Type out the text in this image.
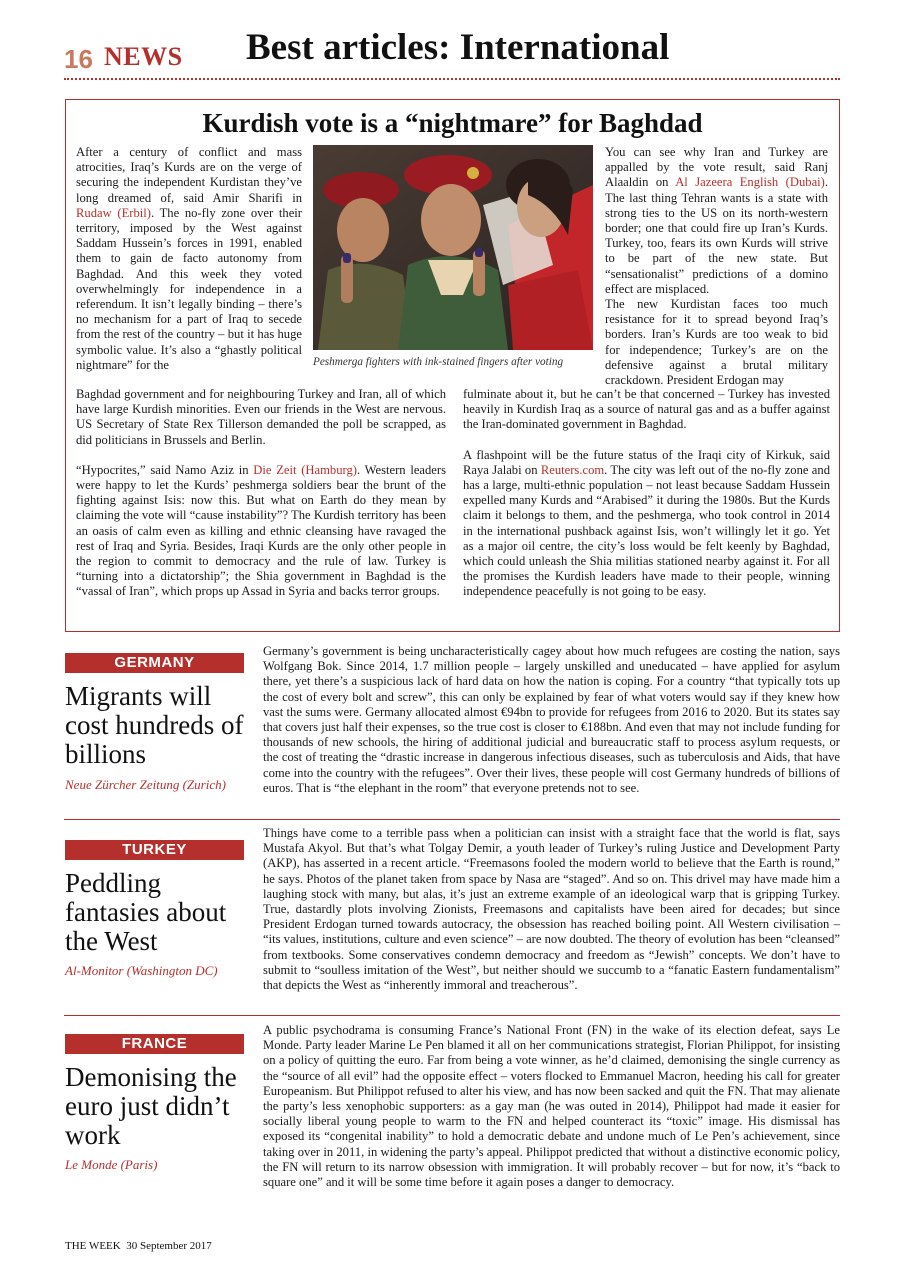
16 NEWS Best articles: International
Kurdish vote is a “nightmare” for Baghdad

After a century of conflict and mass atrocities, Iraq’s Kurds are on the verge of securing the independent Kurdistan they’ve long dreamed of, said Amir Sharifi in Rudaw (Erbil). The no-fly zone over their territory, imposed by the West against Saddam Hussein’s forces in 1991, enabled them to gain de facto autonomy from Baghdad. And this week they voted overwhelmingly for independence in a referendum. It isn’t legally binding – there’s no mechanism for a part of Iraq to secede from the rest of the country – but it has huge symbolic value. It’s also a “ghastly political nightmare” for the	Peshmerga fighters with ink-stained fingers after voting

You can see why Iran and Turkey are appalled by the vote result, said Ranj Alaaldin on Al Jazeera English (Dubai). The last thing Tehran wants is a state with strong ties to the US on its north-western border; one that could fire up Iran’s Kurds. Turkey, too, fears its own Kurds will strive to be part of the new state. But “sensationalist” predictions of a domino effect are misplaced.

The new Kurdistan faces too much resistance for it to spread beyond Iraq’s borders. Iran’s Kurds are too weak to bid for independence; Turkey’s are on the defensive against a brutal military crackdown. President Erdogan may

Baghdad government and for neighbouring Turkey and Iran, all of which have large Kurdish minorities. Even our friends in the West are nervous. US Secretary of State Rex Tillerson demanded the poll be scrapped, as did politicians in Brussels and Berlin.

“Hypocrites,” said Namo Aziz in Die Zeit (Hamburg). Western leaders were happy to let the Kurds’ peshmerga soldiers bear the brunt of the fighting against Isis: now this. But what on Earth do they mean by claiming the vote will “cause instability”? The Kurdish territory has been an oasis of calm even as killing and ethnic cleansing have ravaged the rest of Iraq and Syria. Besides, Iraqi Kurds are the only other people in the region to commit to democracy and the rule of law. Turkey is “turning into a dictatorship”; the Shia government in Baghdad is the “vassal of Iran”, which props up Assad in Syria and backs terror groups.

fulminate about it, but he can’t be that concerned – Turkey has invested heavily in Kurdish Iraq as a source of natural gas and as a buffer against the Iran-dominated government in Baghdad.

A flashpoint will be the future status of the Iraqi city of Kirkuk, said Raya Jalabi on Reuters.com. The city was left out of the no-fly zone and has a large, multi-ethnic population – not least because Saddam Hussein expelled many Kurds and “Arabised” it during the 1980s. But the Kurds claim it belongs to them, and the peshmerga, who took control in 2014 in the international pushback against Isis, won’t willingly let it go. Yet as a major oil centre, the city’s loss would be felt keenly by Baghdad, which could unleash the Shia militias stationed nearby against it. For all the promises the Kurdish leaders have made to their people, winning independence peacefully is not going to be easy.

GERMANY
Migrants will cost hundreds of billions
Neue Zürcher Zeitung (Zurich)
Germany’s government is being uncharacteristically cagey about how much refugees are costing the nation, says Wolfgang Bok. Since 2014, 1.7 million people – largely unskilled and uneducated – have applied for asylum there, yet there’s a suspicious lack of hard data on how the nation is coping. For a country “that typically tots up the cost of every bolt and screw”, this can only be explained by fear of what voters would say if they knew how vast the sums were. Germany allocated almost €94bn to provide for refugees from 2016 to 2020. But its states say that covers just half their expenses, so the true cost is closer to €188bn. And even that may not include funding for thousands of new schools, the hiring of additional judicial and bureaucratic staff to process asylum requests, or the cost of treating the “drastic increase in dangerous infectious diseases, such as tuberculosis and Aids, that have come into the country with the refugees”. Over their lives, these people will cost Germany hundreds of billions of euros. That is “the elephant in the room” that everyone pretends not to see.
TURKEY
Peddling fantasies about the West
Al-Monitor (Washington DC)
Things have come to a terrible pass when a politician can insist with a straight face that the world is flat, says Mustafa Akyol. But that’s what Tolgay Demir, a youth leader of Turkey’s ruling Justice and Development Party (AKP), has asserted in a recent article. “Freemasons fooled the modern world to believe that the Earth is round,” he says. Photos of the planet taken from space by Nasa are “staged”. And so on. This drivel may have made him a laughing stock with many, but alas, it’s just an extreme example of an ideological warp that is gripping Turkey. True, dastardly plots involving Zionists, Freemasons and capitalists have been aired for decades; but since President Erdogan turned towards autocracy, the obsession has reached boiling point. All Western civilisation – “its values, institutions, culture and even science” – are now doubted. The theory of evolution has been “cleansed” from textbooks. Some conservatives condemn democracy and freedom as “Jewish” concepts. We don’t have to submit to “soulless imitation of the West”, but neither should we succumb to a “fanatic Eastern fundamentalism” that depicts the West as “inherently immoral and treacherous”.
FRANCE
Demonising the euro just didn’t work
Le Monde (Paris)
A public psychodrama is consuming France’s National Front (FN) in the wake of its election defeat, says Le Monde. Party leader Marine Le Pen blamed it all on her communications strategist, Florian Philippot, for insisting on a policy of quitting the euro. Far from being a vote winner, as he’d claimed, demonising the single currency as the “source of all evil” had the opposite effect – voters flocked to Emmanuel Macron, heeding his call for greater Europeanism. But Philippot refused to alter his view, and has now been sacked and quit the FN. That may alienate the party’s less xenophobic supporters: as a gay man (he was outed in 2014), Philippot had made it easier for socially liberal young people to warm to the FN and helped counteract its “toxic” image. His dismissal has exposed its “congenital inability” to hold a democratic debate and undone much of Le Pen’s achievement, since taking over in 2011, in widening the party’s appeal. Philippot predicted that without a distinctive economic policy, the FN will return to its narrow obsession with immigration. It will probably recover – but for now, it’s “back to square one” and it will be some time before it again poses a danger to democracy.
THE WEEK 30 September 2017
